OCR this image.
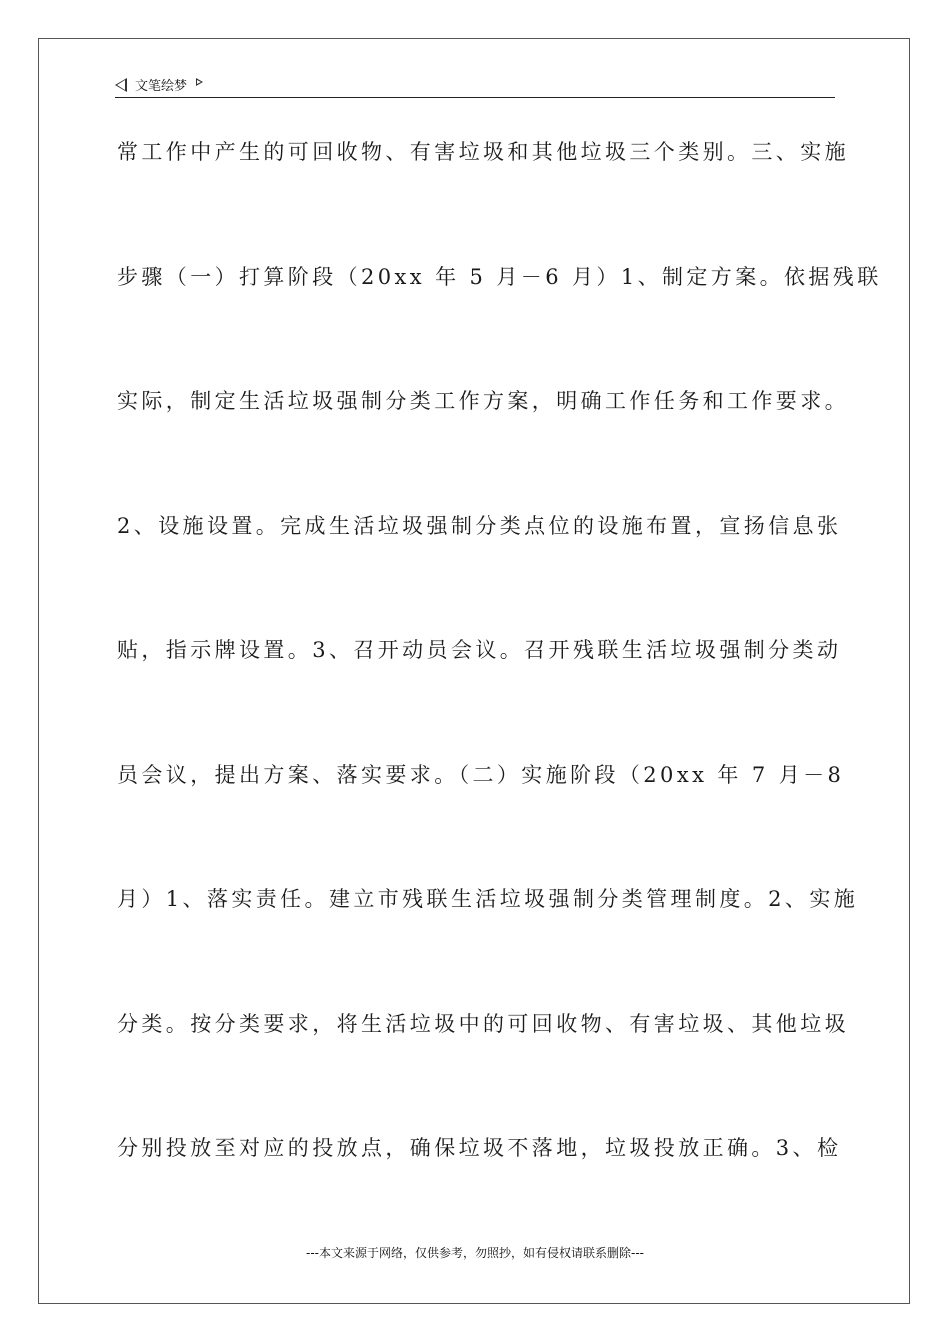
文笔绘梦
常工作中产生的可回收物、有害垃圾和其他垃圾三个类别。三、实施
步骤（一）打算阶段（20xx 年 5 月－6 月）1、制定方案。依据残联
实际，制定生活垃圾强制分类工作方案，明确工作任务和工作要求。
2、设施设置。完成生活垃圾强制分类点位的设施布置，宣扬信息张
贴，指示牌设置。3、召开动员会议。召开残联生活垃圾强制分类动
员会议，提出方案、落实要求。（二）实施阶段（20xx 年 7 月－8
月）1、落实责任。建立市残联生活垃圾强制分类管理制度。2、实施
分类。按分类要求，将生活垃圾中的可回收物、有害垃圾、其他垃圾
分别投放至对应的投放点，确保垃圾不落地，垃圾投放正确。3、检
---本文来源于网络，仅供参考，勿照抄，如有侵权请联系删除---
